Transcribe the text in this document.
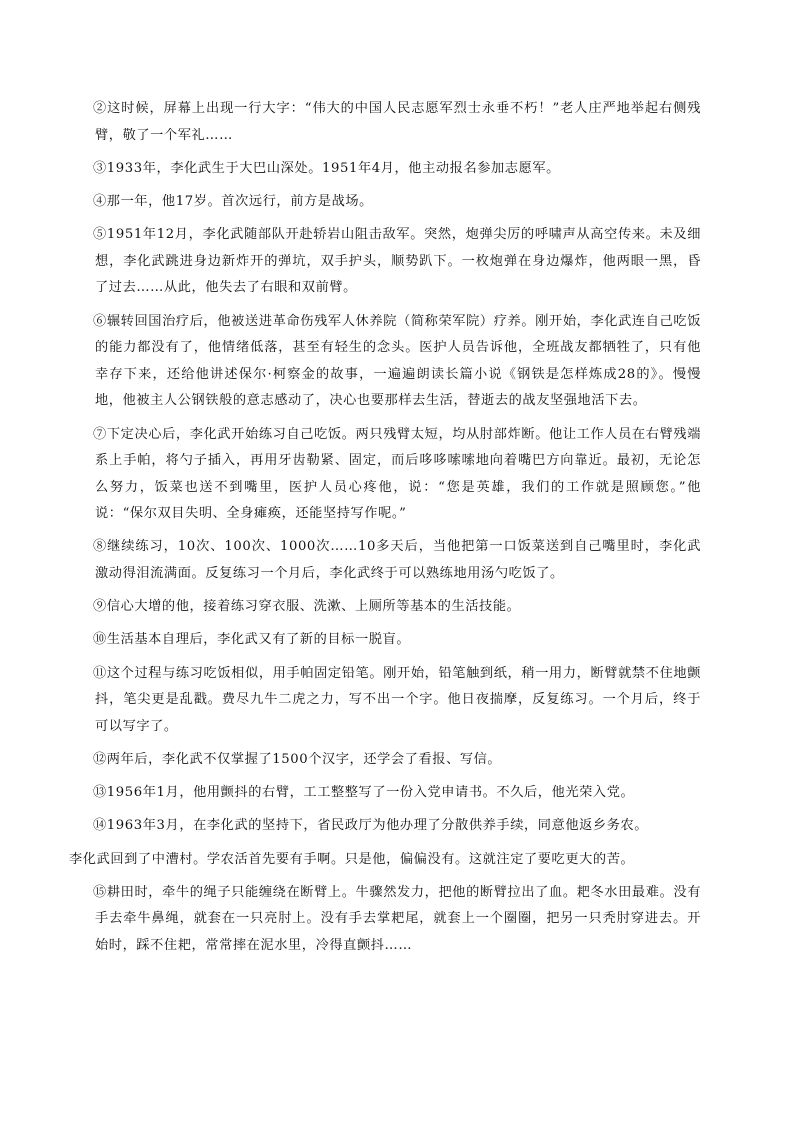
②这时候，屏幕上出现一行大字：“伟大的中国人民志愿军烈士永垂不朽！”老人庄严地举起右侧残臂，敬了一个军礼……

③1933年，李化武生于大巴山深处。1951年4月，他主动报名参加志愿军。

④那一年，他17岁。首次远行，前方是战场。

⑤1951年12月，李化武随部队开赴轿岩山阻击敌军。突然，炮弹尖厉的呼啸声从高空传来。未及细想，李化武跳进身边新炸开的弹坑，双手护头，顺势趴下。一枚炮弹在身边爆炸，他两眼一黑，昏了过去……从此，他失去了右眼和双前臂。

⑥辗转回国治疗后，他被送进革命伤残军人休养院（简称荣军院）疗养。刚开始，李化武连自己吃饭的能力都没有了，他情绪低落，甚至有轻生的念头。医护人员告诉他，全班战友都牺牲了，只有他幸存下来，还给他讲述保尔·柯察金的故事，一遍遍朗读长篇小说《钢铁是怎样炼成28的》。慢慢地，他被主人公钢铁般的意志感动了，决心也要那样去生活，替逝去的战友坚强地活下去。

⑦下定决心后，李化武开始练习自己吃饭。两只残臂太短，均从肘部炸断。他让工作人员在右臂残端系上手帕，将勺子插入，再用牙齿勒紧、固定，而后哆哆嗦嗦地向着嘴巴方向靠近。最初，无论怎么努力，饭菜也送不到嘴里，医护人员心疼他，说：“您是英雄，我们的工作就是照顾您。”他说：“保尔双目失明、全身瘫痪，还能坚持写作呢。”

⑧继续练习，10次、100次、1000次……10多天后，当他把第一口饭菜送到自己嘴里时，李化武激动得泪流满面。反复练习一个月后，李化武终于可以熟练地用汤勺吃饭了。

⑨信心大增的他，接着练习穿衣服、洗漱、上厕所等基本的生活技能。

⑩生活基本自理后，李化武又有了新的目标一脱盲。

⑪这个过程与练习吃饭相似，用手帕固定铅笔。刚开始，铅笔触到纸，稍一用力，断臂就禁不住地颤抖，笔尖更是乱戳。费尽九牛二虎之力，写不出一个字。他日夜揣摩，反复练习。一个月后，终于可以写字了。

⑫两年后，李化武不仅掌握了1500个汉字，还学会了看报、写信。

⑬1956年1月，他用颤抖的右臂，工工整整写了一份入党申请书。不久后，他光荣入党。

⑭1963年3月，在李化武的坚持下，省民政厅为他办理了分散供养手续，同意他返乡务农。

李化武回到了中漕村。学农活首先要有手啊。只是他，偏偏没有。这就注定了要吃更大的苦。

⑮耕田时，牵牛的绳子只能缠绕在断臂上。牛骤然发力，把他的断臂拉出了血。耙冬水田最难。没有手去牵牛鼻绳，就套在一只亮肘上。没有手去掌耙尾，就套上一个圈圈，把另一只秃肘穿进去。开始时，踩不住耙，常常摔在泥水里，冷得直颤抖……
